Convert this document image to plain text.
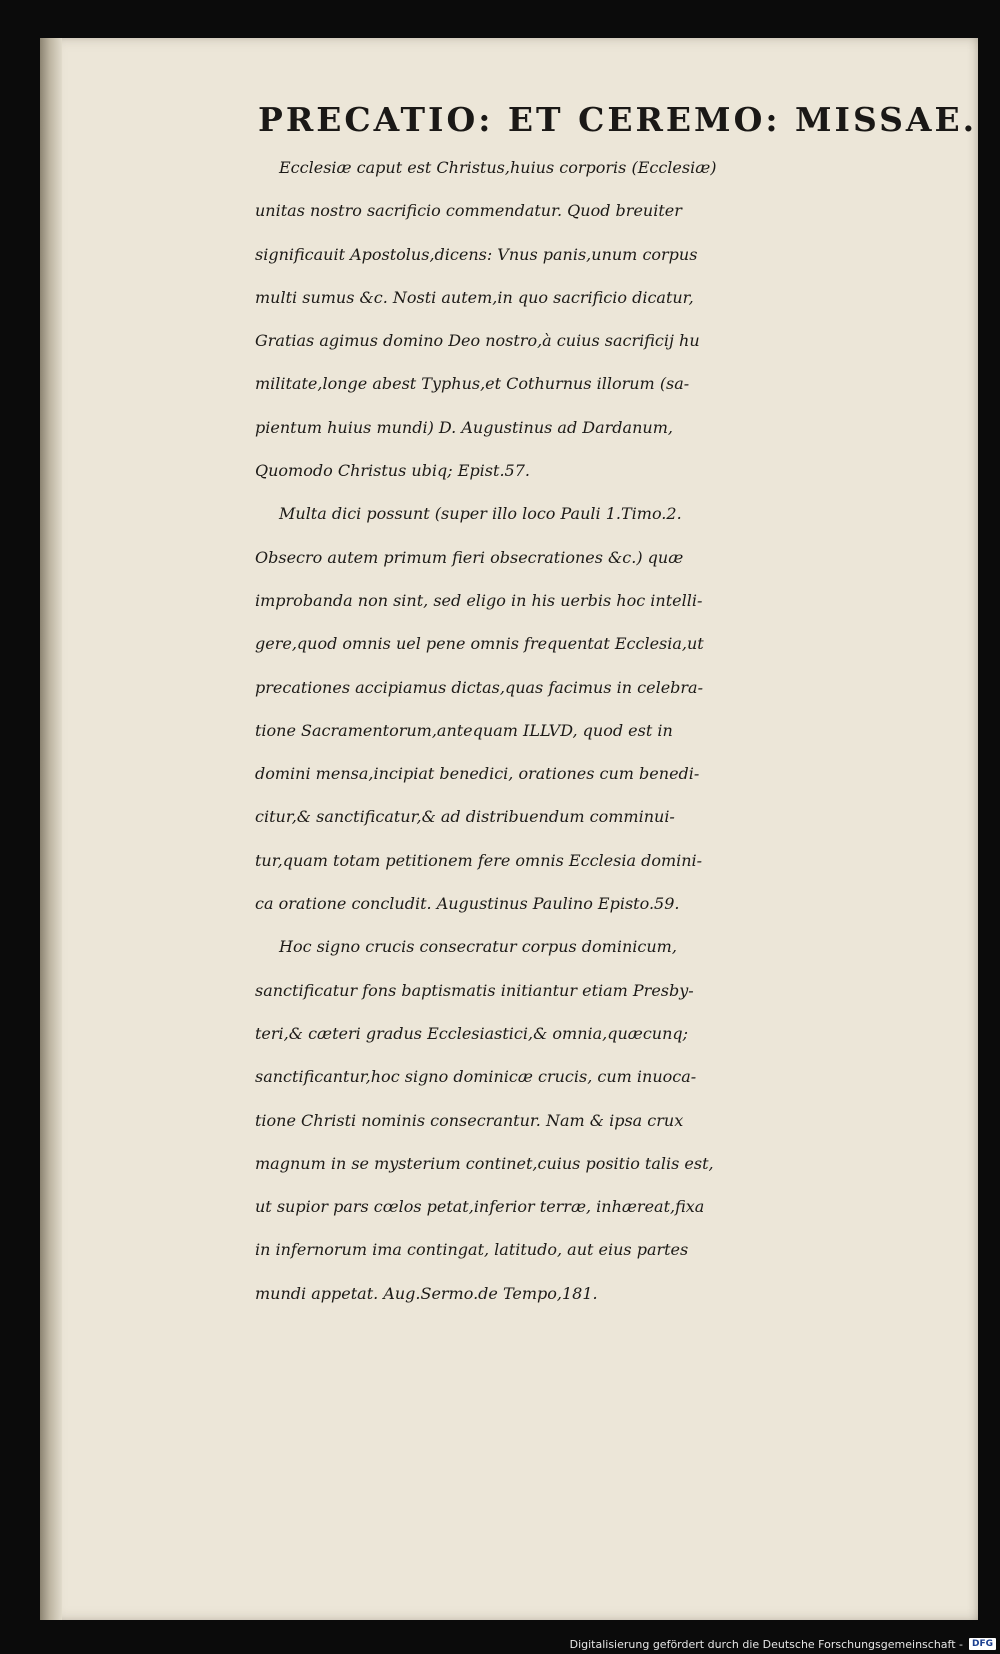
PRECATIO: ET CEREMO: MISSAE.
Ecclesiæ caput est Christus,huius corporis (Ecclesiæ)
unitas nostro sacrificio commendatur. Quod breuiter
significauit Apostolus,dicens: Vnus panis,unum corpus
multi sumus &c. Nosti autem,in quo sacrificio dicatur,
Gratias agimus domino Deo nostro,à cuius sacrificij hu
militate,longe abest Typhus,et Cothurnus illorum (sa-
pientum huius mundi) D. Augustinus ad Dardanum,
Quomodo Christus ubiq; Epist.57.
Multa dici possunt (super illo loco Pauli 1.Timo.2.
Obsecro autem primum fieri obsecrationes &c.) quæ
improbanda non sint, sed eligo in his uerbis hoc intelli-
gere,quod omnis uel pene omnis frequentat Ecclesia,ut
precationes accipiamus dictas,quas facimus in celebra-
tione Sacramentorum,antequam ILLVD, quod est in
domini mensa,incipiat benedici, orationes cum benedi-
citur,& sanctificatur,& ad distribuendum comminui-
tur,quam totam petitionem fere omnis Ecclesia domini-
ca oratione concludit. Augustinus Paulino Episto.59.
Hoc signo crucis consecratur corpus dominicum,
sanctificatur fons baptismatis initiantur etiam Presby-
teri,& cæteri gradus Ecclesiastici,& omnia,quæcunq;
sanctificantur,hoc signo dominicæ crucis, cum inuoca-
tione Christi nominis consecrantur. Nam & ipsa crux
magnum in se mysterium continet,cuius positio talis est,
ut supior pars cœlos petat,inferior terræ, inhæreat,fixa
in infernorum ima contingat, latitudo, aut eius partes
mundi appetat. Aug.Sermo.de Tempo,181.
Digitalisierung gefördert durch die Deutsche Forschungsgemeinschaft -	DFG
